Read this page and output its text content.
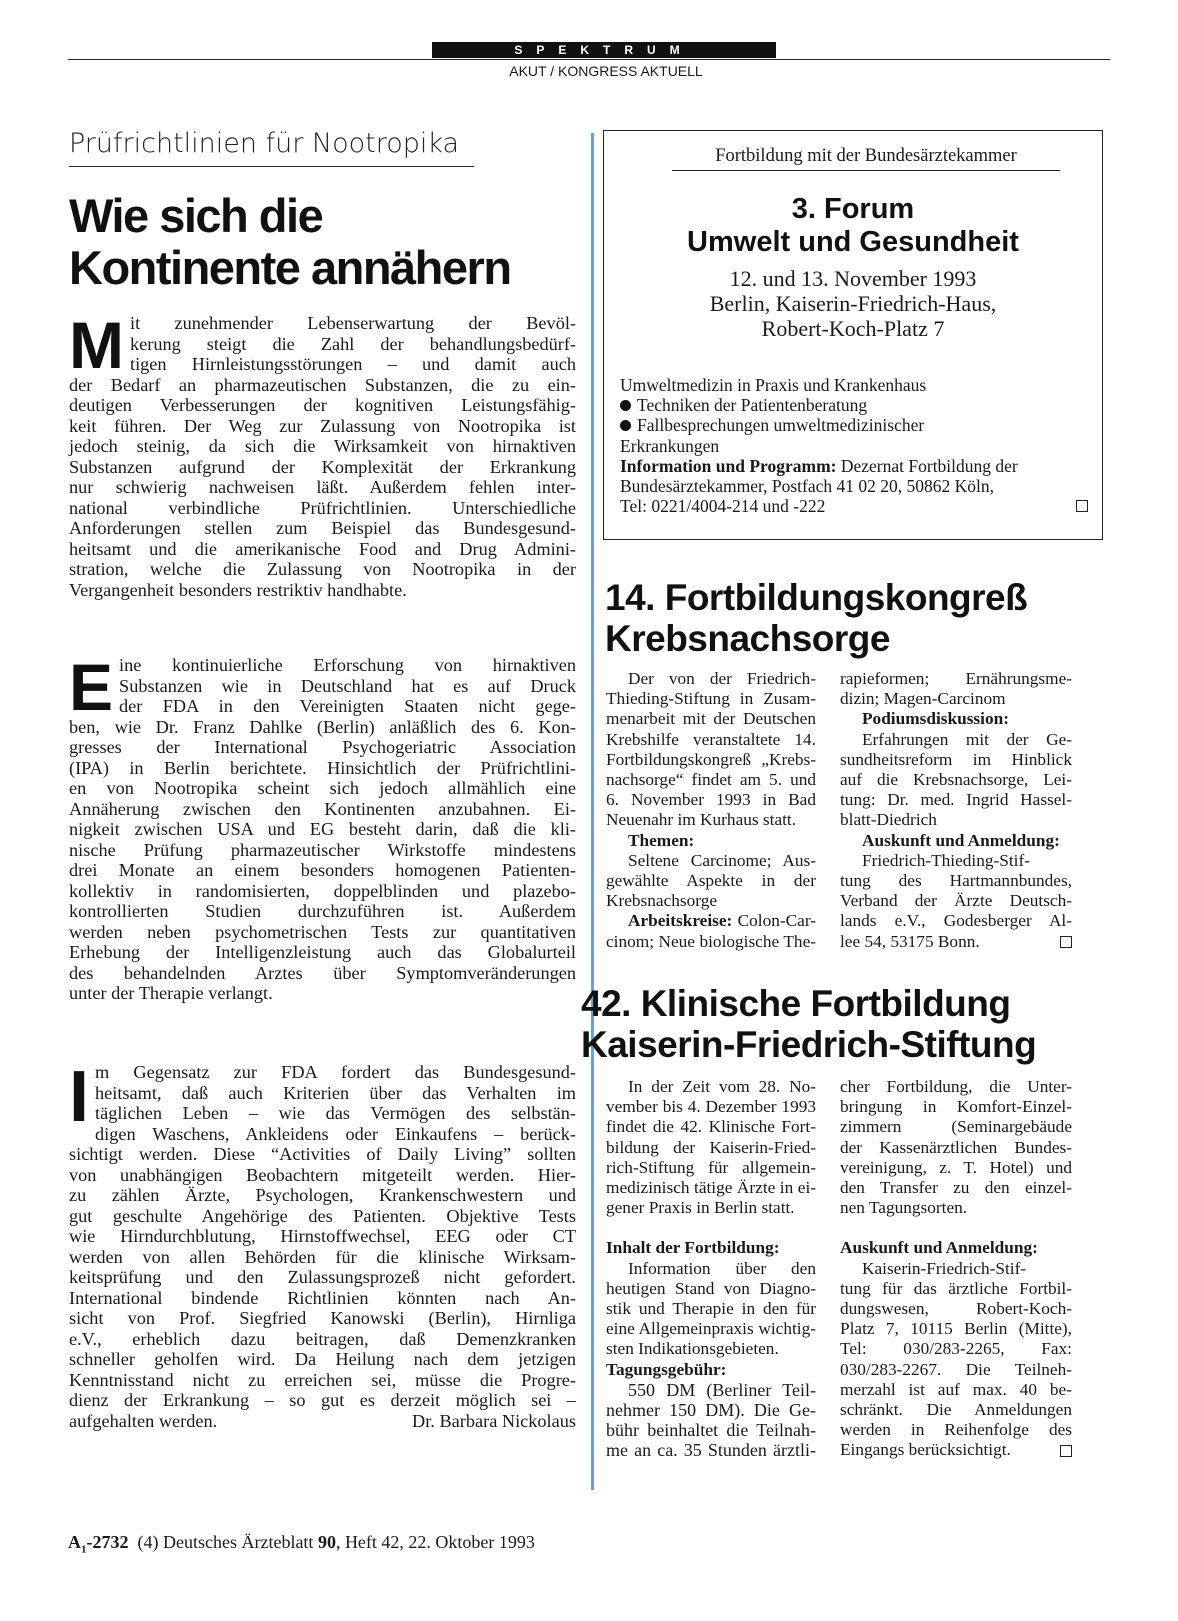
SPEKTRUM
AKUT / KONGRESS AKTUELL
Prüfrichtlinien für Nootropika
Wie sich die
Kontinente annähern
M it zunehmender Lebenserwartung der Bevöl-
kerung steigt die Zahl der behandlungsbedürf-
tigen Hirnleistungsstörungen – und damit auch
der Bedarf an pharmazeutischen Substanzen, die zu ein-
deutigen Verbesserungen der kognitiven Leistungsfähig-
keit führen. Der Weg zur Zulassung von Nootropika ist
jedoch steinig, da sich die Wirksamkeit von hirnaktiven
Substanzen aufgrund der Komplexität der Erkrankung
nur schwierig nachweisen läßt. Außerdem fehlen inter-
national verbindliche Prüfrichtlinien. Unterschiedliche
Anforderungen stellen zum Beispiel das Bundesgesund-
heitsamt und die amerikanische Food and Drug Admini-
stration, welche die Zulassung von Nootropika in der
Vergangenheit besonders restriktiv handhabte.
E ine kontinuierliche Erforschung von hirnaktiven
Substanzen wie in Deutschland hat es auf Druck
der FDA in den Vereinigten Staaten nicht gege-
ben, wie Dr. Franz Dahlke (Berlin) anläßlich des 6. Kon-
gresses der International Psychogeriatric Association
(IPA) in Berlin berichtete. Hinsichtlich der Prüfrichtlini-
en von Nootropika scheint sich jedoch allmählich eine
Annäherung zwischen den Kontinenten anzubahnen. Ei-
nigkeit zwischen USA und EG besteht darin, daß die kli-
nische Prüfung pharmazeutischer Wirkstoffe mindestens
drei Monate an einem besonders homogenen Patienten-
kollektiv in randomisierten, doppelblinden und plazebo-
kontrollierten Studien durchzuführen ist. Außerdem
werden neben psychometrischen Tests zur quantitativen
Erhebung der Intelligenzleistung auch das Globalurteil
des behandelnden Arztes über Symptomveränderungen
unter der Therapie verlangt.
I m Gegensatz zur FDA fordert das Bundesgesund-
heitsamt, daß auch Kriterien über das Verhalten im
täglichen Leben – wie das Vermögen des selbstän-
digen Waschens, Ankleidens oder Einkaufens – berück-
sichtigt werden. Diese “Activities of Daily Living” sollten
von unabhängigen Beobachtern mitgeteilt werden. Hier-
zu zählen Ärzte, Psychologen, Krankenschwestern und
gut geschulte Angehörige des Patienten. Objektive Tests
wie Hirndurchblutung, Hirnstoffwechsel, EEG oder CT
werden von allen Behörden für die klinische Wirksam-
keitsprüfung und den Zulassungsprozeß nicht gefordert.
International bindende Richtlinien könnten nach An-
sicht von Prof. Siegfried Kanowski (Berlin), Hirnliga
e.V., erheblich dazu beitragen, daß Demenzkranken
schneller geholfen wird. Da Heilung nach dem jetzigen
Kenntnisstand nicht zu erreichen sei, müsse die Progre-
dienz der Erkrankung – so gut es derzeit möglich sei –
aufgehalten werden.	Dr. Barbara Nickolaus
Fortbildung mit der Bundesärztekammer
3. Forum
Umwelt und Gesundheit
12. und 13. November 1993
Berlin, Kaiserin-Friedrich-Haus,
Robert-Koch-Platz 7
Umweltmedizin in Praxis und Krankenhaus
Techniken der Patientenberatung
Fallbesprechungen umweltmedizinischer
Erkrankungen
Information und Programm: Dezernat Fortbildung der
Bundesärztekammer, Postfach 41 02 20, 50862 Köln,
Tel: 0221/4004-214 und -222
14. Fortbildungskongreß
Krebsnachsorge
Der von der Friedrich-
Thieding-Stiftung in Zusam-
menarbeit mit der Deutschen
Krebshilfe veranstaltete 14.
Fortbildungskongreß „Krebs-
nachsorge“ findet am 5. und
6. November 1993 in Bad
Neuenahr im Kurhaus statt.
Themen:
Seltene Carcinome; Aus-
gewählte Aspekte in der
Krebsnachsorge
Arbeitskreise: Colon-Car-
cinom; Neue biologische The-
rapieformen; Ernährungsme-
dizin; Magen-Carcinom
Podiumsdiskussion:
Erfahrungen mit der Ge-
sundheitsreform im Hinblick
auf die Krebsnachsorge, Lei-
tung: Dr. med. Ingrid Hassel-
blatt-Diedrich
Auskunft und Anmeldung:
Friedrich-Thieding-Stif-
tung des Hartmannbundes,
Verband der Ärzte Deutsch-
lands e.V., Godesberger Al-
lee 54, 53175 Bonn.
42. Klinische Fortbildung
Kaiserin-Friedrich-Stiftung
In der Zeit vom 28. No-
vember bis 4. Dezember 1993
findet die 42. Klinische Fort-
bildung der Kaiserin-Fried-
rich-Stiftung für allgemein-
medizinisch tätige Ärzte in ei-
gener Praxis in Berlin statt.
Inhalt der Fortbildung:
Information über den
heutigen Stand von Diagno-
stik und Therapie in den für
eine Allgemeinpraxis wichtig-
sten Indikationsgebieten.
Tagungsgebühr:
550 DM (Berliner Teil-
nehmer 150 DM). Die Ge-
bühr beinhaltet die Teilnah-
me an ca. 35 Stunden ärztli-
cher Fortbildung, die Unter-
bringung in Komfort-Einzel-
zimmern (Seminargebäude
der Kassenärztlichen Bundes-
vereinigung, z. T. Hotel) und
den Transfer zu den einzel-
nen Tagungsorten.
Auskunft und Anmeldung:
Kaiserin-Friedrich-Stif-
tung für das ärztliche Fortbil-
dungswesen, Robert-Koch-
Platz 7, 10115 Berlin (Mitte),
Tel: 030/283-2265, Fax:
030/283-2267. Die Teilneh-
merzahl ist auf max. 40 be-
schränkt. Die Anmeldungen
werden in Reihenfolge des
Eingangs berücksichtigt.
$A_1-2732$ (4) Deutsches Ärzteblatt 90, Heft 42, 22. Oktober 1993
